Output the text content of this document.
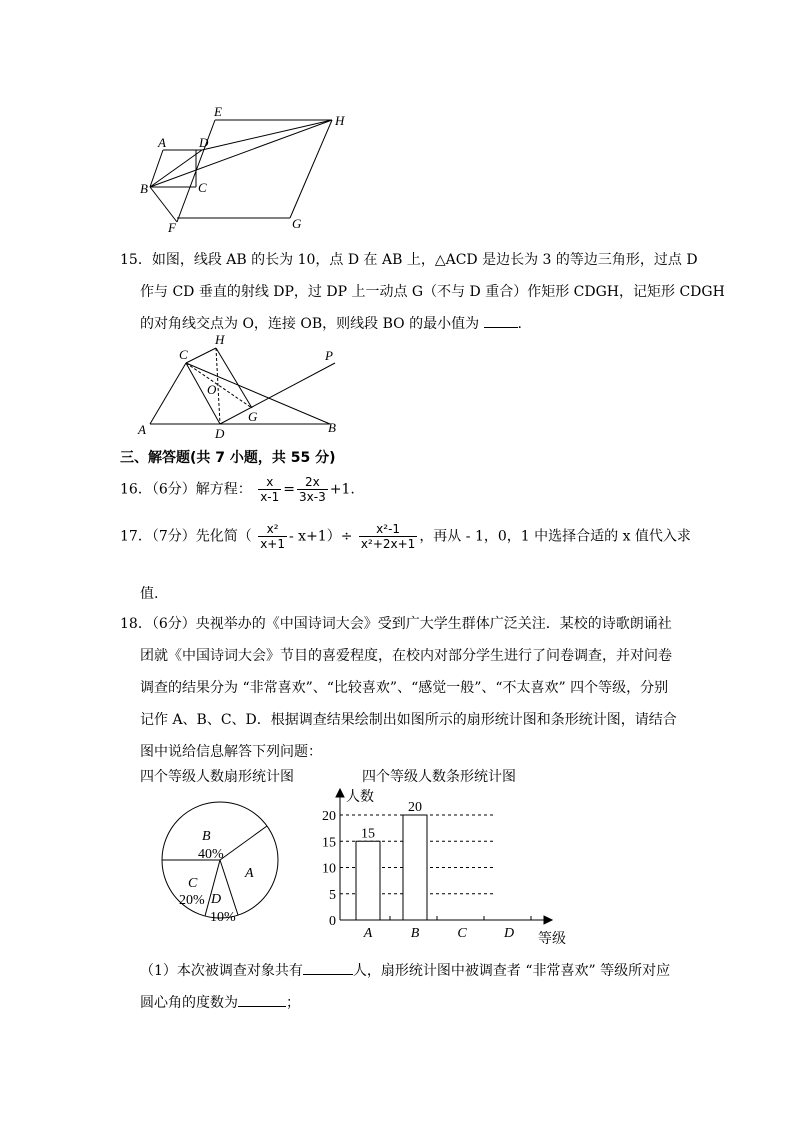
E
H
A	D
B	C
F	G
15．如图，线段 AB 的长为 10，点 D 在 AB 上，△ACD 是边长为 3 的等边三角形，过点 D
作与 CD 垂直的射线 DP，过 DP 上一动点 G（不与 D 重合）作矩形 CDGH，记矩形 CDGH
的对角线交点为 O，连接 OB，则线段 BO 的最小值为	.
C
H
P
O
G
A	D	B
三、解答题(共 7 小题，共 55 分)
16．（6分）解方程： $\frac{x}{x-1} = \frac{2x}{3x-3} +1$.
17．（7分）先化简（ $\frac{\text{x²}}{x+1} - x+1)\div \frac{\text{x²-1}}{\text{x²+2x+1}}$ ，再从 - 1，0，1 中选择合适的 x 值代入求
值.
18．（6分）央视举办的《中国诗词大会》受到广大学生群体广泛关注．某校的诗歌朗诵社
团就《中国诗词大会》节目的喜爱程度，在校内对部分学生进行了问卷调查，并对问卷
调查的结果分为 “非常喜欢”、“比较喜欢”、“感觉一般”、“不太喜欢” 四个等级，分别
记作 A、B、C、D．根据调查结果绘制出如图所示的扇形统计图和条形统计图，请结合
图中说给信息解答下列问题：
四个等级人数扇形统计图	四个等级人数条形统计图
B
40%
A
C
20% D
10%
15
20
0
5
10
15
20
A	B	C	D
人数
等级
（1）本次被调查对象共有	人，扇形统计图中被调查者 “非常喜欢” 等级所对应
圆心角的度数为	；
